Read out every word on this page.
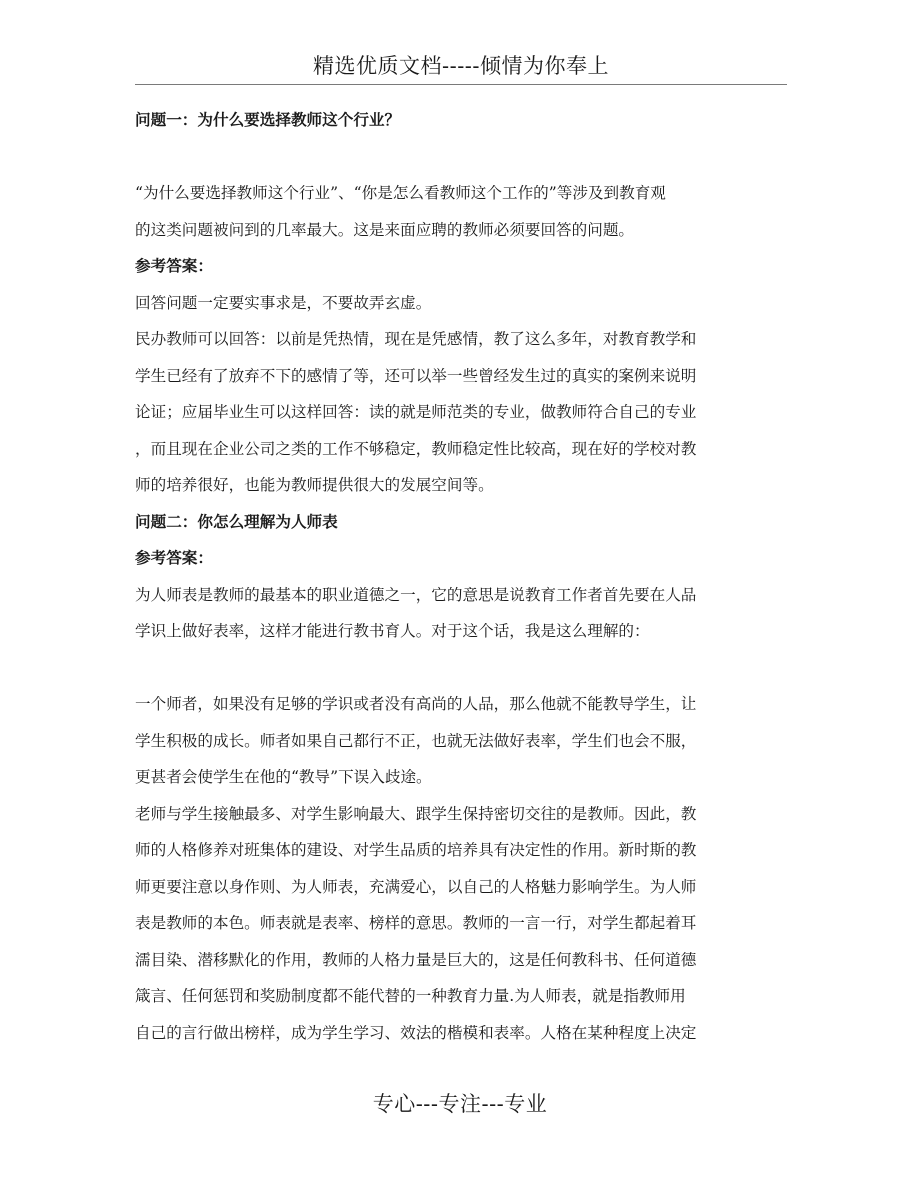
精选优质文档-----倾情为你奉上

问题一：为什么要选择教师这个行业？

“为什么要选择教师这个行业”、“你是怎么看教师这个工作的”等涉及到教育观

的这类问题被问到的几率最大。这是来面应聘的教师必须要回答的问题。

参考答案：

回答问题一定要实事求是，不要故弄玄虚。

民办教师可以回答：以前是凭热情，现在是凭感情，教了这么多年，对教育教学和

学生已经有了放弃不下的感情了等，还可以举一些曾经发生过的真实的案例来说明

论证；应届毕业生可以这样回答：读的就是师范类的专业，做教师符合自己的专业

，而且现在企业公司之类的工作不够稳定，教师稳定性比较高，现在好的学校对教

师的培养很好，也能为教师提供很大的发展空间等。

问题二：你怎么理解为人师表

参考答案：

为人师表是教师的最基本的职业道德之一，它的意思是说教育工作者首先要在人品

学识上做好表率，这样才能进行教书育人。对于这个话，我是这么理解的：

一个师者，如果没有足够的学识或者没有高尚的人品，那么他就不能教导学生，让

学生积极的成长。师者如果自己都行不正，也就无法做好表率，学生们也会不服，

更甚者会使学生在他的“教导”下误入歧途。

老师与学生接触最多、对学生影响最大、跟学生保持密切交往的是教师。因此，教

师的人格修养对班集体的建设、对学生品质的培养具有决定性的作用。新时斯的教

师更要注意以身作则、为人师表，充满爱心，以自己的人格魅力影响学生。为人师

表是教师的本色。师表就是表率、榜样的意思。教师的一言一行，对学生都起着耳

濡目染、潜移默化的作用，教师的人格力量是巨大的，这是任何教科书、任何道德

箴言、任何惩罚和奖励制度都不能代替的一种教育力量.为人师表，就是指教师用

自己的言行做出榜样，成为学生学习、效法的楷模和表率。人格在某种程度上决定

专心---专注---专业
